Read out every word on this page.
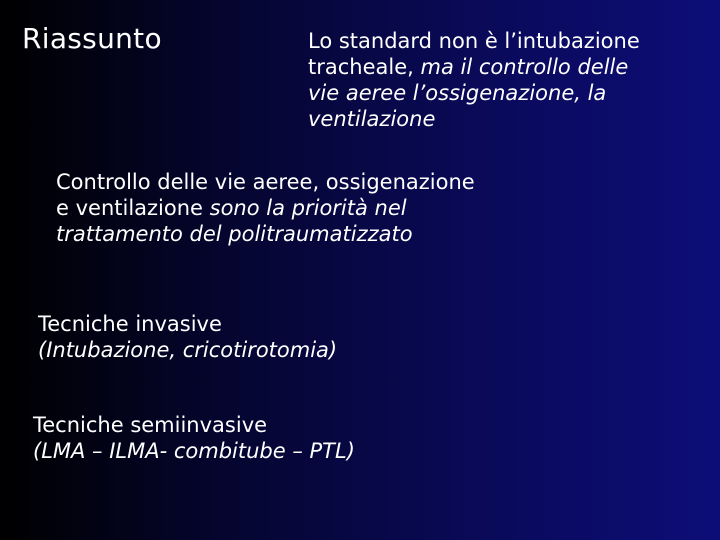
Riassunto	Lo standard non è l’intubazione
tracheale, ma il controllo delle
vie aeree l’ossigenazione, la
ventilazione
Controllo delle vie aeree, ossigenazione
e ventilazione sono la priorità nel
trattamento del politraumatizzato
Tecniche invasive
(Intubazione, cricotirotomia)
Tecniche semiinvasive
(LMA – ILMA- combitube – PTL)
